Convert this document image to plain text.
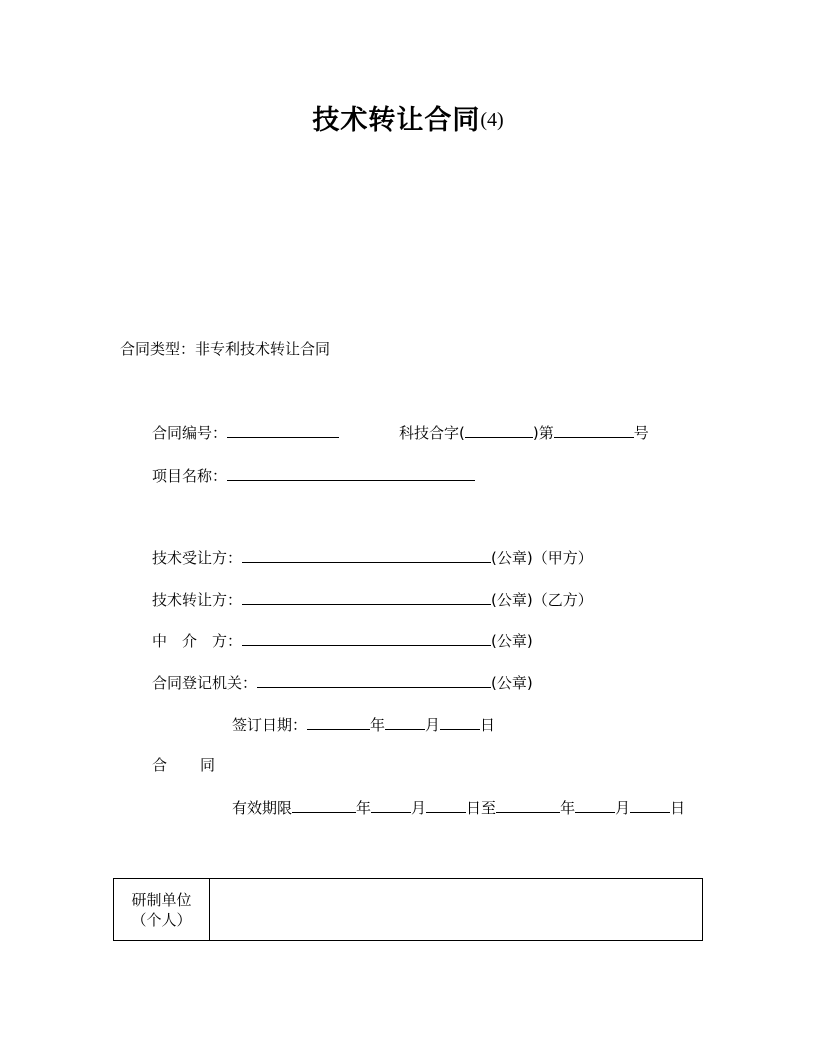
技术转让合同(4)
合同类型：非专利技术转让合同
合同编号：	科技合字(	)第	号
项目名称：
技术受让方：	(公章)（甲方）
技术转让方：	(公章)（乙方）
中　介　方：	(公章)
合同登记机关：	(公章)
签订日期：	年	月	日
合 同
有效期限	年	月	日至	年	月	日
研制单位
（个人）
